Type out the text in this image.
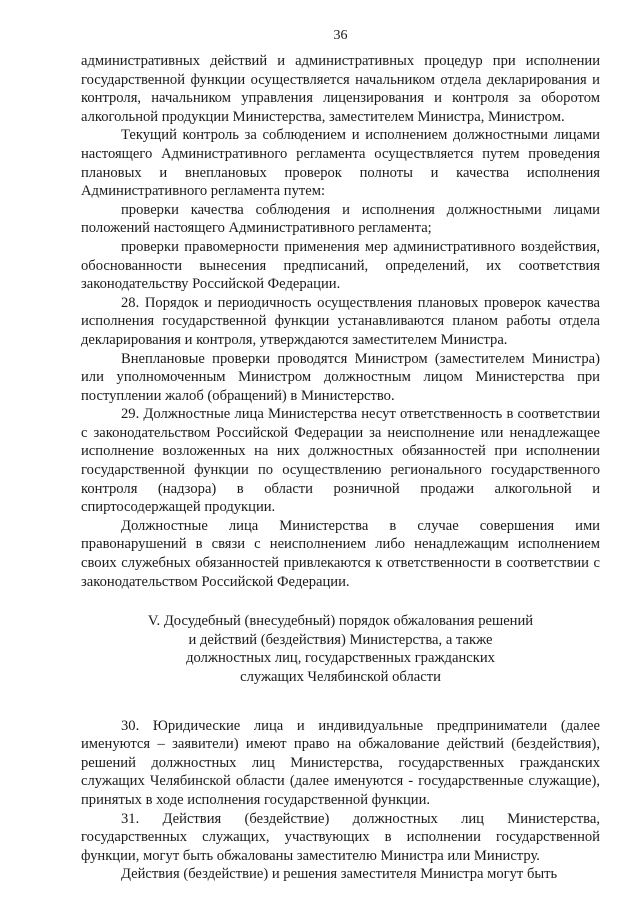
36

административных действий и административных процедур при исполнении государственной функции осуществляется начальником отдела декларирования и контроля, начальником управления лицензирования и контроля за оборотом алкогольной продукции Министерства, заместителем Министра, Министром.

Текущий контроль за соблюдением и исполнением должностными лицами настоящего Административного регламента осуществляется путем проведения плановых и внеплановых проверок полноты и качества исполнения Административного регламента путем:

проверки качества соблюдения и исполнения должностными лицами положений настоящего Административного регламента;

проверки правомерности применения мер административного воздействия, обоснованности вынесения предписаний, определений, их соответствия законодательству Российской Федерации.

28. Порядок и периодичность осуществления плановых проверок качества исполнения государственной функции устанавливаются планом работы отдела декларирования и контроля, утверждаются заместителем Министра.

Внеплановые проверки проводятся Министром (заместителем Министра) или уполномоченным Министром должностным лицом Министерства при поступлении жалоб (обращений) в Министерство.

29. Должностные лица Министерства несут ответственность в соответствии с законодательством Российской Федерации за неисполнение или ненадлежащее исполнение возложенных на них должностных обязанностей при исполнении государственной функции по осуществлению регионального государственного контроля (надзора) в области розничной продажи алкогольной и спиртосодержащей продукции.

Должностные лица Министерства в случае совершения ими правонарушений в связи с неисполнением либо ненадлежащим исполнением своих служебных обязанностей привлекаются к ответственности в соответствии с законодательством Российской Федерации.

V. Досудебный (внесудебный) порядок обжалования решений
и действий (бездействия) Министерства, а также
должностных лиц, государственных гражданских
служащих Челябинской области

30. Юридические лица и индивидуальные предприниматели (далее именуются – заявители) имеют право на обжалование действий (бездействия), решений должностных лиц Министерства, государственных гражданских служащих Челябинской области (далее именуются - государственные служащие), принятых в ходе исполнения государственной функции.

31. Действия (бездействие) должностных лиц Министерства, государственных служащих, участвующих в исполнении государственной функции, могут быть обжалованы заместителю Министра или Министру.

Действия (бездействие) и решения заместителя Министра могут быть
